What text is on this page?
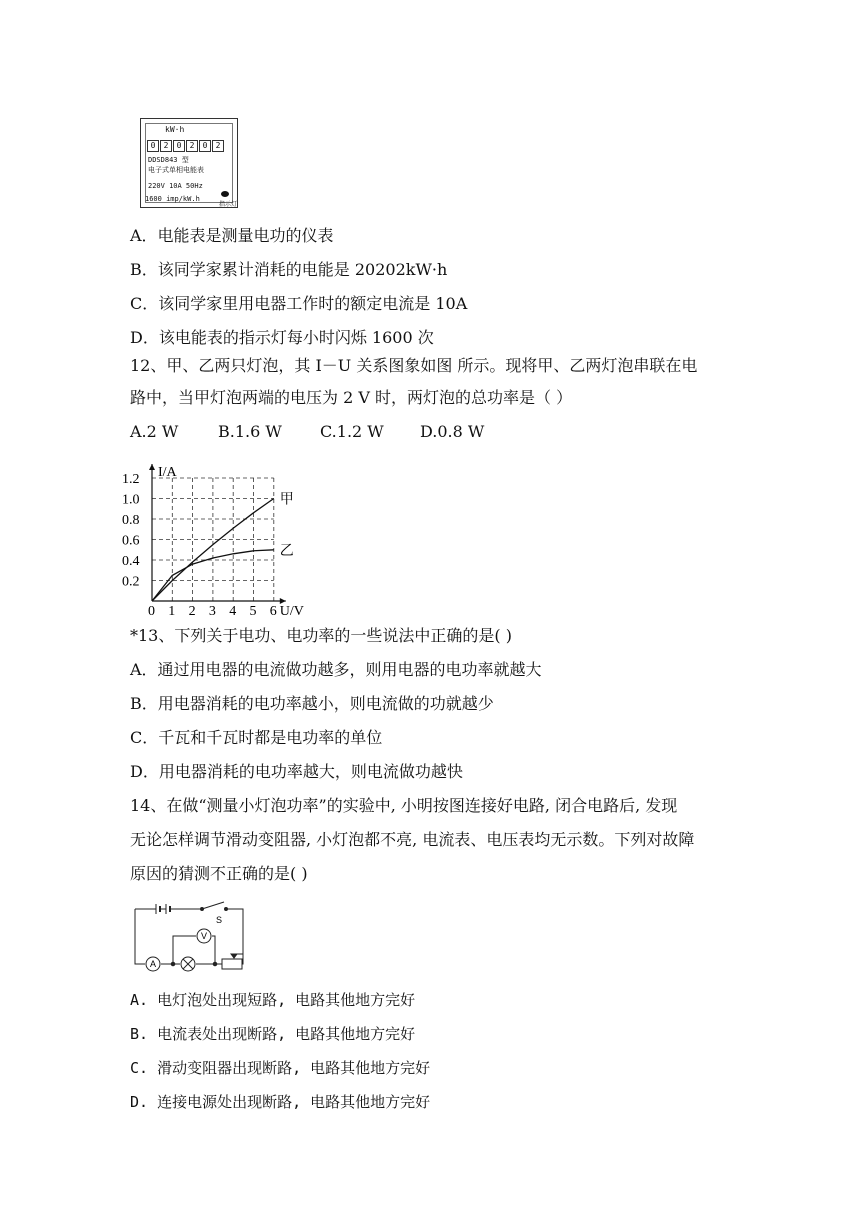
kW·h
0	2	0	2	0	2
DDSD843 型
电子式单相电能表
220V 10A 50Hz
1600 imp/kW.h
指示灯
A．电能表是测量电功的仪表
B．该同学家累计消耗的电能是 20202kW·h
C．该同学家里用电器工作时的额定电流是 10A
D．该电能表的指示灯每小时闪烁 1600 次
12、甲、乙两只灯泡，其 I－U 关系图象如图 所示。现将甲、乙两灯泡串联在电
路中，当甲灯泡两端的电压为 2 V 时，两灯泡的总功率是（ ）
A.2 W B.1.6 W C.1.2 W D.0.8 W
0 1 2 3 4 5 6
0.2
0.4
0.6
0.8
1.0
1.2
U/V
I/A
甲
乙
*13、下列关于电功、电功率的一些说法中正确的是( )
A．通过用电器的电流做功越多，则用电器的电功率就越大
B．用电器消耗的电功率越小，则电流做的功就越少
C．千瓦和千瓦时都是电功率的单位
D．用电器消耗的电功率越大，则电流做功越快
14、在做“测量小灯泡功率”的实验中, 小明按图连接好电路, 闭合电路后, 发现
无论怎样调节滑动变阻器, 小灯泡都不亮, 电流表、电压表均无示数。下列对故障
原因的猜测不正确的是( )
S
V
A
A. 电灯泡处出现短路, 电路其他地方完好
B. 电流表处出现断路, 电路其他地方完好
C. 滑动变阻器出现断路, 电路其他地方完好
D. 连接电源处出现断路, 电路其他地方完好
